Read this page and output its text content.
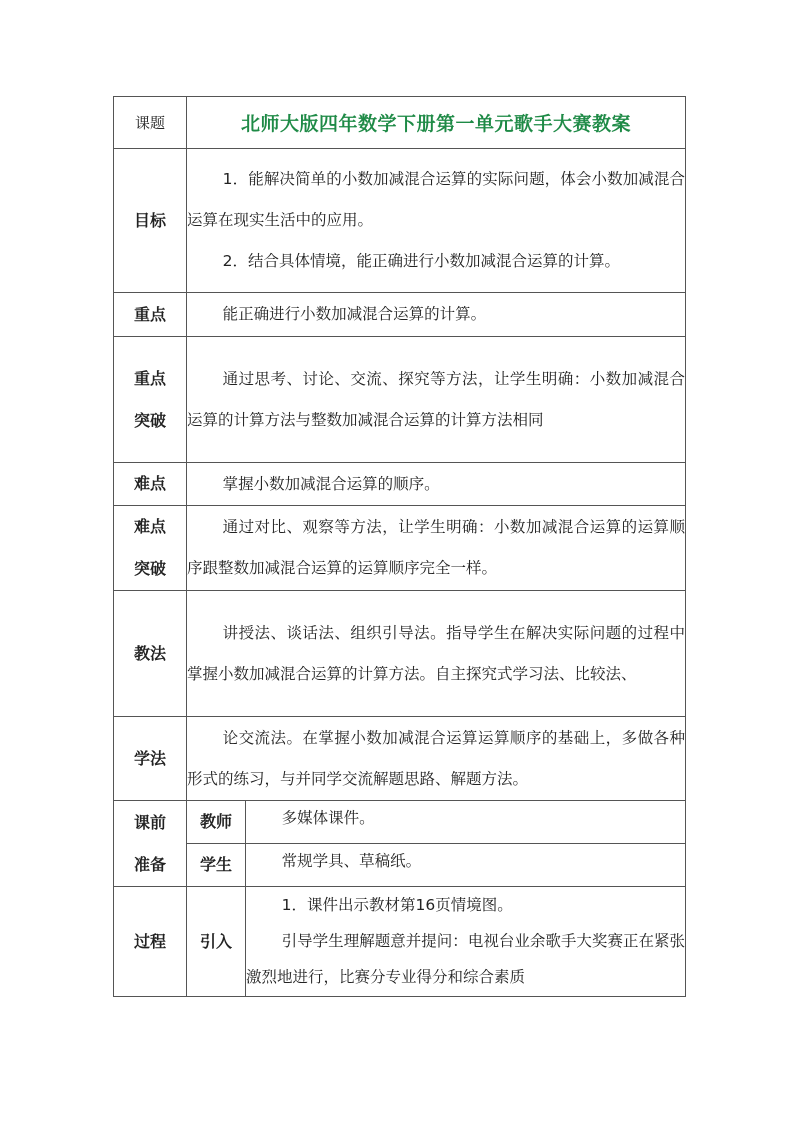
课题	北师大版四年数学下册第一单元歌手大赛教案	
目标	1．能解决简单的小数加减混合运算的实际问题，体会小数加减混合运算在现实生活中的应用。

2．结合具体情境，能正确进行小数加减混合运算的计算。	

重点	能正确进行小数加减混合运算的计算。	

重点
突破	通过思考、讨论、交流、探究等方法，让学生明确：小数加减混合运算的计算方法与整数加减混合运算的计算方法相同	

难点	掌握小数加减混合运算的顺序。	

难点
突破	通过对比、观察等方法，让学生明确：小数加减混合运算的运算顺序跟整数加减混合运算的运算顺序完全一样。	

教法	讲授法、谈话法、组织引导法。指导学生在解决实际问题的过程中掌握小数加减混合运算的计算方法。自主探究式学习法、比较法、	

学法	论交流法。在掌握小数加减混合运算运算顺序的基础上，多做各种形式的练习，与并同学交流解题思路、解题方法。	

课前
准备	教师	多媒体课件。

	学生	常规学具、草稿纸。

过程	引入	1．课件出示教材第16页情境图。

引导学生理解题意并提问：电视台业余歌手大奖赛正在紧张激烈地进行，比赛分专业得分和综合素质
